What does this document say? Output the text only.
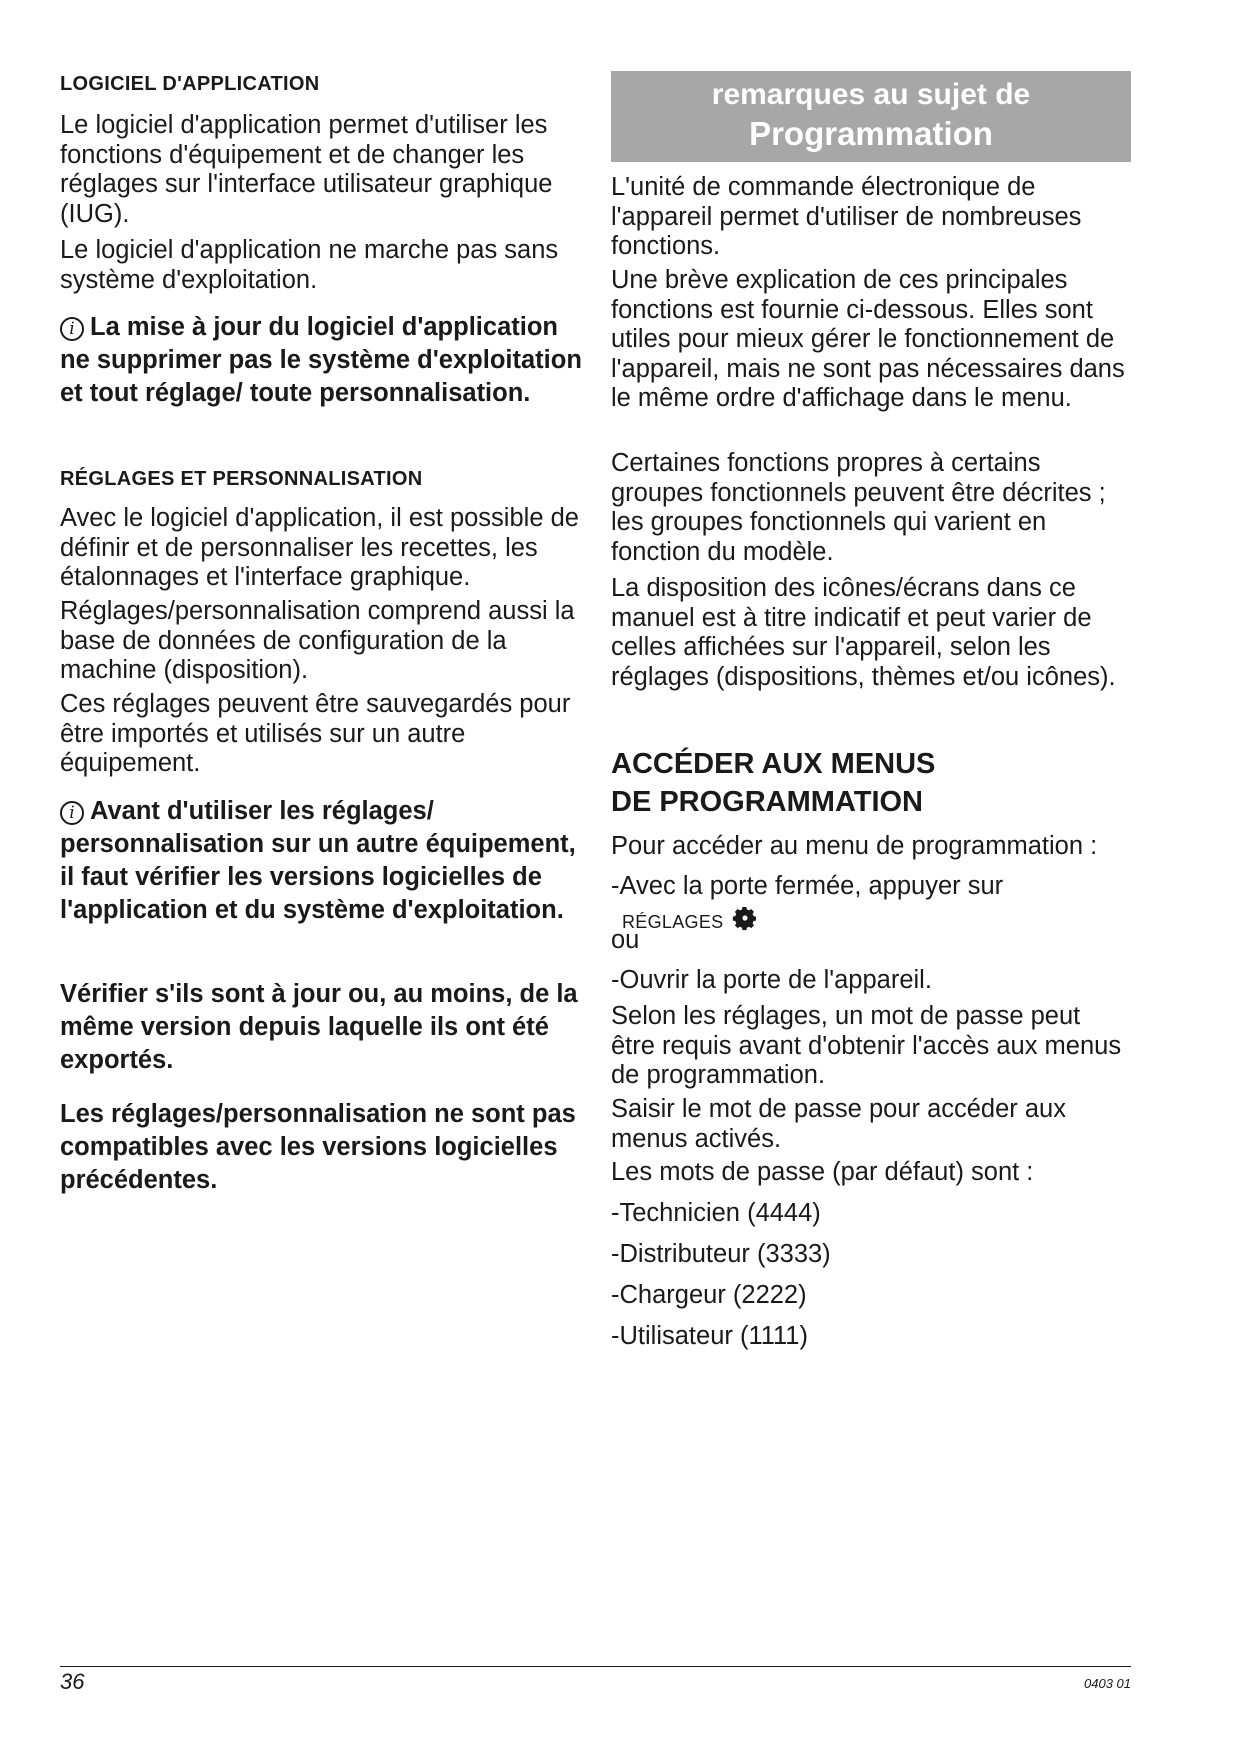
LOGICIEL D'APPLICATION

Le logiciel d'application permet d'utiliser les fonctions d'équipement et de changer les réglages sur l'interface utilisateur graphique (IUG).

Le logiciel d'application ne marche pas sans système d'exploitation.

i La mise à jour du logiciel d'application ne supprimer pas le système d'exploitation et tout réglage/ toute personnalisation.

RÉGLAGES ET PERSONNALISATION

Avec le logiciel d'application, il est possible de définir et de personnaliser les recettes, les étalonnages et l'interface graphique.

Réglages/personnalisation comprend aussi la base de données de configuration de la machine (disposition).

Ces réglages peuvent être sauvegardés pour être importés et utilisés sur un autre équipement.

i Avant d'utiliser les réglages/ personnalisation sur un autre équipement, il faut vérifier les versions logicielles de l'application et du système d'exploitation.

Vérifier s'ils sont à jour ou, au moins, de la même version depuis laquelle ils ont été exportés.

Les réglages/personnalisation ne sont pas compatibles avec les versions logicielles précédentes.

remarques au sujet de
Programmation

L'unité de commande électronique de l'appareil permet d'utiliser de nombreuses fonctions.

Une brève explication de ces principales fonctions est fournie ci-dessous. Elles sont utiles pour mieux gérer le fonctionnement de l'appareil, mais ne sont pas nécessaires dans le même ordre d'affichage dans le menu.

Certaines fonctions propres à certains groupes fonctionnels peuvent être décrites ; les groupes fonctionnels qui varient en fonction du modèle.

La disposition des icônes/écrans dans ce manuel est à titre indicatif et peut varier de celles affichées sur l'appareil, selon les réglages (dispositions, thèmes et/ou icônes).

ACCÉDER AUX MENUS
DE PROGRAMMATION

Pour accéder au menu de programmation :

-Avec la porte fermée, appuyer sur
RÉGLAGES
ou
-Ouvrir la porte de l'appareil.

Selon les réglages, un mot de passe peut être requis avant d'obtenir l'accès aux menus de programmation.

Saisir le mot de passe pour accéder aux menus activés.

Les mots de passe (par défaut) sont :

-Technicien (4444)
-Distributeur (3333)
-Chargeur (2222)
-Utilisateur (1111)
36	0403 01
